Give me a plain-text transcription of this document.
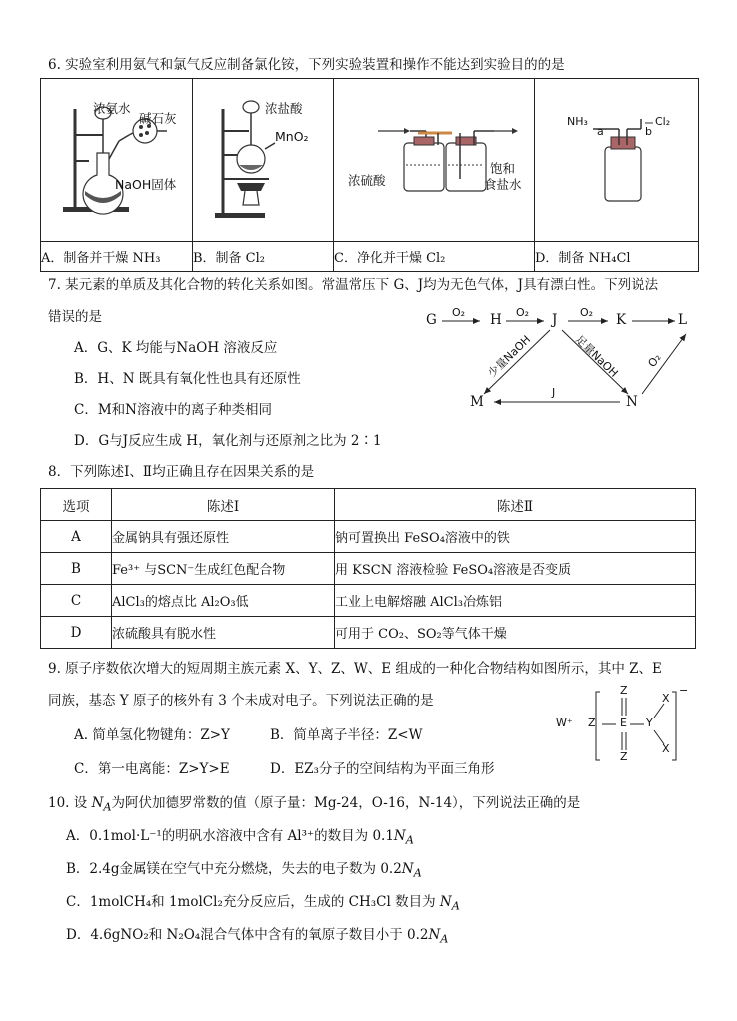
6. 实验室利用氨气和氯气反应制备氯化铵，下列实验装置和操作不能达到实验目的的是
浓氨水
碱石灰
NaOH固体	浓盐酸
MnO₂	浓硫酸
饱和
食盐水	NH₃
a b
Cl₂

A．制备并干燥 NH₃	B．制备 Cl₂	C．净化并干燥 Cl₂	D．制备 NH₄Cl
7. 某元素的单质及其化合物的转化关系如图。常温常压下 G、J均为无色气体，J具有漂白性。下列说法
错误的是
A．G、K 均能与NaOH 溶液反应
B．H、N 既具有氧化性也具有还原性
C．M和N溶液中的离子种类相同
D．G与J反应生成 H，氧化剂与还原剂之比为 2∶1
G	H	J	K	L
M	N
O₂	O₂	O₂
J
少量NaOH	足量NaOH O₂
8．下列陈述Ⅰ、Ⅱ均正确且存在因果关系的是
选项	陈述Ⅰ	陈述Ⅱ
A	金属钠具有强还原性	钠可置换出 FeSO₄溶液中的铁
B	Fe³⁺ 与SCN⁻生成红色配合物	用 KSCN 溶液检验 FeSO₄溶液是否变质
C	AlCl₃的熔点比 Al₂O₃低	工业上电解熔融 AlCl₃冶炼铝
D	浓硫酸具有脱水性	可用于 CO₂、SO₂等气体干燥
9. 原子序数依次增大的短周期主族元素 X、Y、Z、W、E 组成的一种化合物结构如图所示，其中 Z、E
同族，基态 Y 原子的核外有 3 个未成对电子。下列说法正确的是
A. 简单氢化物键角：Z>Y	B．简单离子半径：Z<W
C．第一电离能：Z>Y>E	D．EZ₃分子的空间结构为平面三角形
W⁺ Z
Z
E
Z
Y
X
X
−
10. 设 $N_A$为阿伏加德罗常数的值（原子量：Mg-24，O-16，N-14），下列说法正确的是
A．0.1mol·L⁻¹的明矾水溶液中含有 Al³⁺的数目为 $0.1N_A$
B．2.4g金属镁在空气中充分燃烧，失去的电子数为 $0.2N_A$
C．1molCH₄和 1molCl₂充分反应后，生成的 CH₃Cl 数目为 $N_A$
D．4.6gNO₂和 N₂O₄混合气体中含有的氧原子数目小于 $0.2N_A$
